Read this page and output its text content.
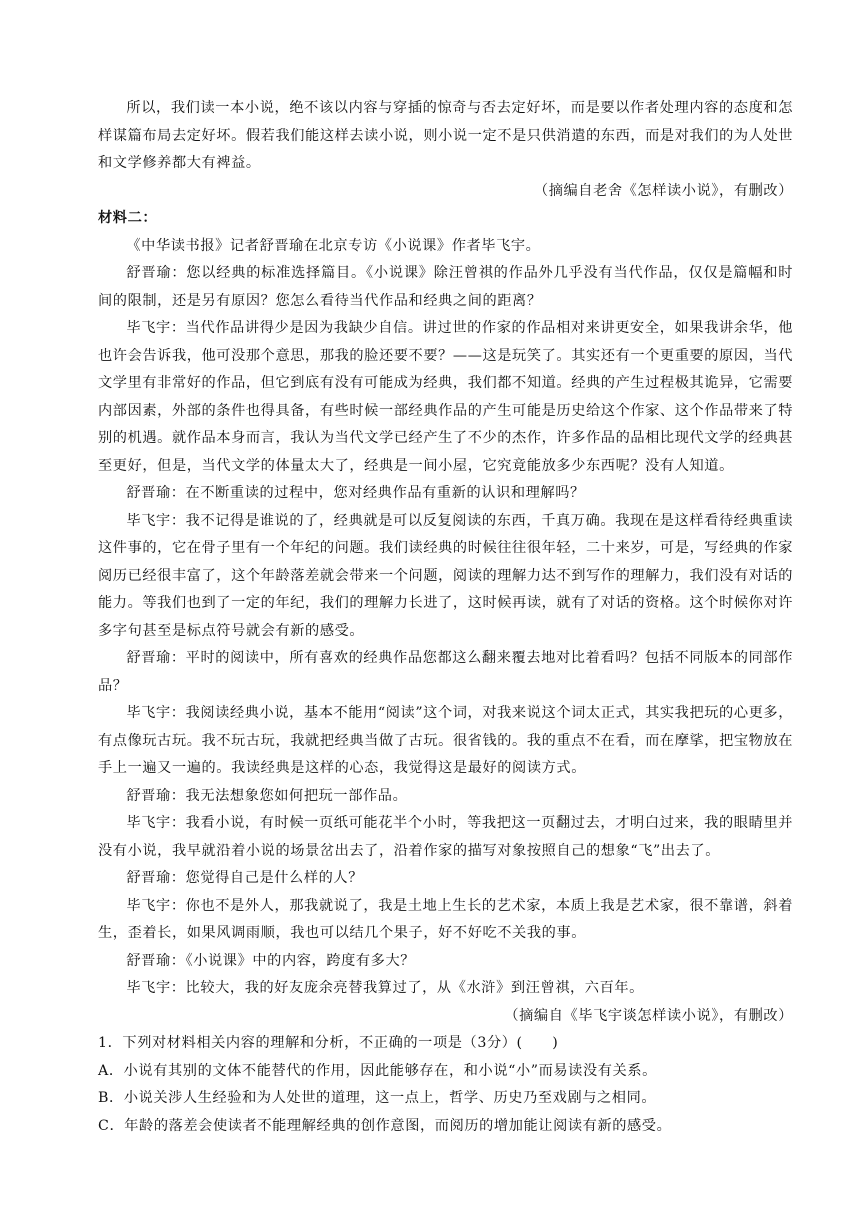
所以，我们读一本小说，绝不该以内容与穿插的惊奇与否去定好坏，而是要以作者处理内容的态度和怎样谋篇布局去定好坏。假若我们能这样去读小说，则小说一定不是只供消遣的东西，而是对我们的为人处世和文学修养都大有裨益。

（摘编自老舍《怎样读小说》，有删改）

材料二：

《中华读书报》记者舒晋瑜在北京专访《小说课》作者毕飞宇。

舒晋瑜：您以经典的标准选择篇目。《小说课》除汪曾祺的作品外几乎没有当代作品，仅仅是篇幅和时间的限制，还是另有原因？您怎么看待当代作品和经典之间的距离？

毕飞宇：当代作品讲得少是因为我缺少自信。讲过世的作家的作品相对来讲更安全，如果我讲余华，他也许会告诉我，他可没那个意思，那我的脸还要不要？——这是玩笑了。其实还有一个更重要的原因，当代文学里有非常好的作品，但它到底有没有可能成为经典，我们都不知道。经典的产生过程极其诡异，它需要内部因素，外部的条件也得具备，有些时候一部经典作品的产生可能是历史给这个作家、这个作品带来了特别的机遇。就作品本身而言，我认为当代文学已经产生了不少的杰作，许多作品的品相比现代文学的经典甚至更好，但是，当代文学的体量太大了，经典是一间小屋，它究竟能放多少东西呢？没有人知道。

舒晋瑜：在不断重读的过程中，您对经典作品有重新的认识和理解吗？

毕飞宇：我不记得是谁说的了，经典就是可以反复阅读的东西，千真万确。我现在是这样看待经典重读这件事的，它在骨子里有一个年纪的问题。我们读经典的时候往往很年轻，二十来岁，可是，写经典的作家阅历已经很丰富了，这个年龄落差就会带来一个问题，阅读的理解力达不到写作的理解力，我们没有对话的能力。等我们也到了一定的年纪，我们的理解力长进了，这时候再读，就有了对话的资格。这个时候你对许多字句甚至是标点符号就会有新的感受。

舒晋瑜：平时的阅读中，所有喜欢的经典作品您都这么翻来覆去地对比着看吗？包括不同版本的同部作品？

毕飞宇：我阅读经典小说，基本不能用“阅读”这个词，对我来说这个词太正式，其实我把玩的心更多，有点像玩古玩。我不玩古玩，我就把经典当做了古玩。很省钱的。我的重点不在看，而在摩挲，把宝物放在手上一遍又一遍的。我读经典是这样的心态，我觉得这是最好的阅读方式。

舒晋瑜：我无法想象您如何把玩一部作品。

毕飞宇：我看小说，有时候一页纸可能花半个小时，等我把这一页翻过去，才明白过来，我的眼睛里并没有小说，我早就沿着小说的场景岔出去了，沿着作家的描写对象按照自己的想象“飞”出去了。

舒晋瑜：您觉得自己是什么样的人？

毕飞宇：你也不是外人，那我就说了，我是土地上生长的艺术家，本质上我是艺术家，很不靠谱，斜着生，歪着长，如果风调雨顺，我也可以结几个果子，好不好吃不关我的事。

舒晋瑜：《小说课》中的内容，跨度有多大？

毕飞宇：比较大，我的好友庞余亮替我算过了，从《水浒》到汪曾祺，六百年。

（摘编自《毕飞宇谈怎样读小说》，有删改）

1．下列对材料相关内容的理解和分析，不正确的一项是（3分）(　　)

A．小说有其别的文体不能替代的作用，因此能够存在，和小说“小”而易读没有关系。

B．小说关涉人生经验和为人处世的道理，这一点上，哲学、历史乃至戏剧与之相同。

C．年龄的落差会使读者不能理解经典的创作意图，而阅历的增加能让阅读有新的感受。
